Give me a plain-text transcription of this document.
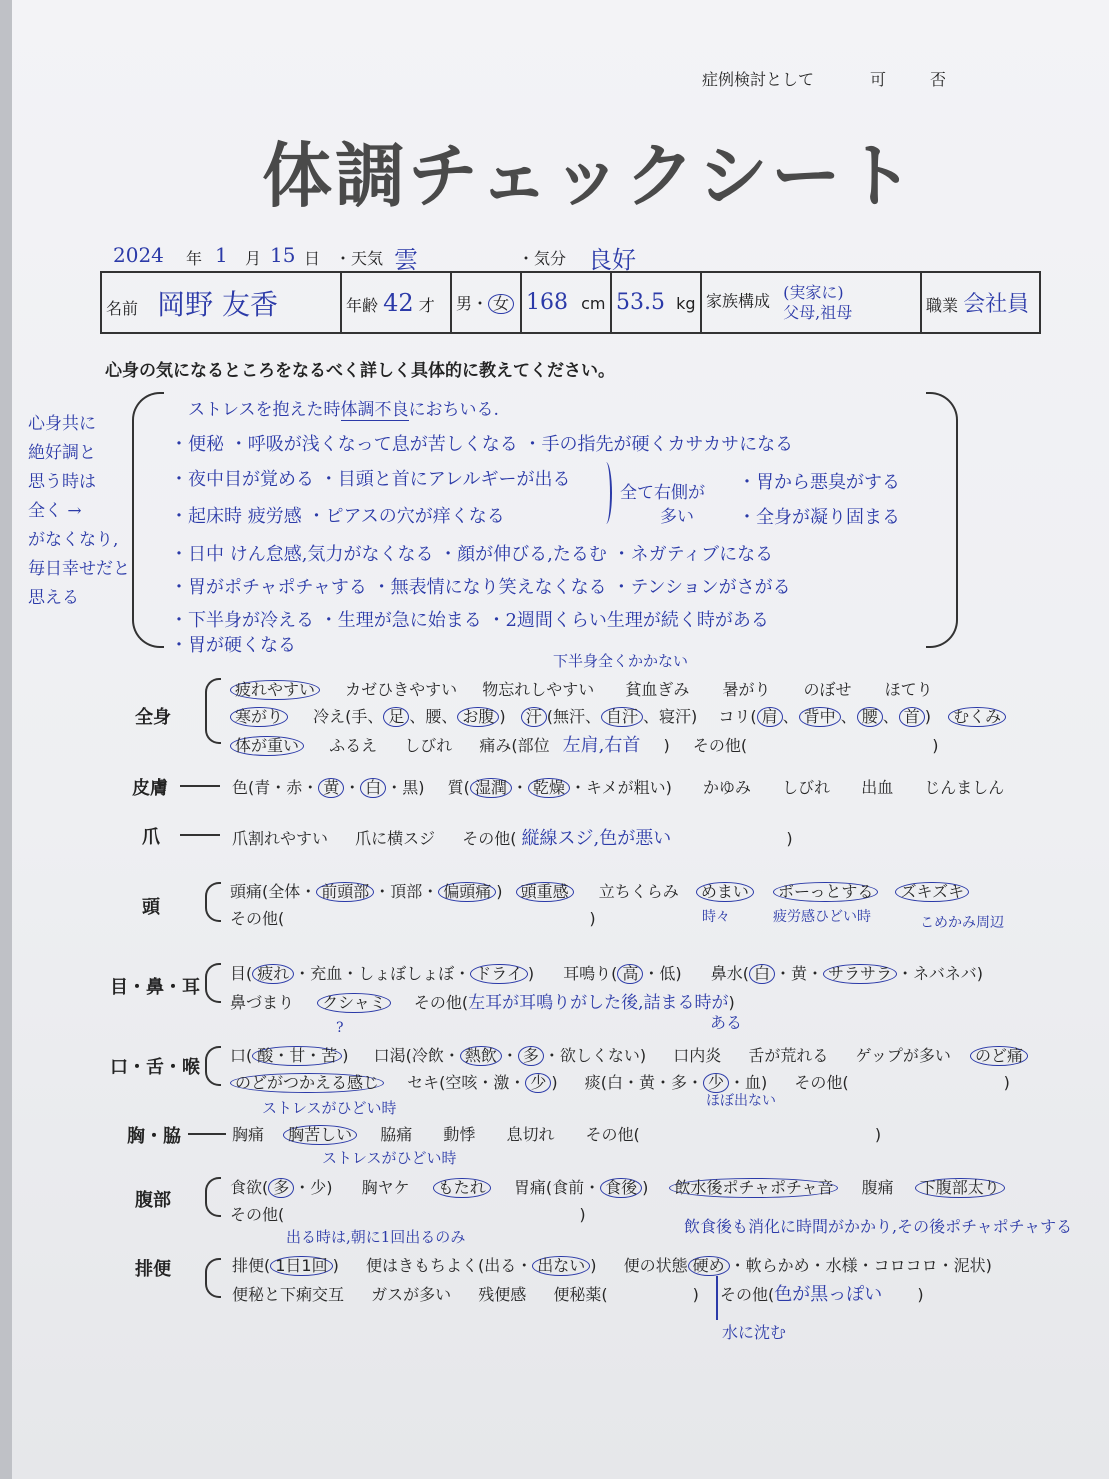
症例検討として	可	否
体調チェックシート
2024 年 1 月 15 日 ・天気 雲	・気分 良好
名前 岡野 友香	年齢 42 才	男・ 女	168 cm	53.5 kg	家族構成 (実家に)
父母,祖母	職業 会社員
心身の気になるところをなるべく詳しく具体的に教えてください。
心身共に
絶好調と
思う時は
全く →
がなくなり,
毎日幸せだと
思える
ストレスを抱えた時体調不良におちいる.
・便秘 ・呼吸が浅くなって息が苦しくなる ・手の指先が硬くカサカサになる
・夜中目が覚める ・目頭と首にアレルギーが出る
・起床時 疲労感 ・ピアスの穴が痒くなる
・日中 けん怠感,気力がなくなる ・顔が伸びる,たるむ ・ネガティブになる
・胃がポチャポチャする ・無表情になり笑えなくなる ・テンションがさがる
・下半身が冷える ・生理が急に始まる ・2週間くらい生理が続く時がある
・胃が硬くなる
全て右側が
多い
・胃から悪臭がする
・全身が凝り固まる
全身
下半身全くかかない
疲れやすい カゼひきやすい 物忘れしやすい 貧血ぎみ 暑がり のぼせ ほてり
寒がり 冷え(手、 足 、腰、 お腹 ) 汗 (無汗、 自汗 、寝汗) コリ( 肩 、 背中 、 腰 、 首 ) むくみ
体が重い ふるえ しびれ 痛み(部位 左肩,右首 ) その他(	)
皮膚	色(青・赤・ 黄 ・ 白 ・黒) 質( 湿潤 ・ 乾燥 ・キメが粗い) かゆみ しびれ 出血 じんましん
爪	爪割れやすい 爪に横スジ その他( 縦線スジ,色が悪い	)
頭
頭痛(全体・ 前頭部 ・頂部・ 偏頭痛 ) 頭重感 立ちくらみ めまい ボーっとする ズキズキ
その他(	)	時々	疲労感ひどい時	こめかみ周辺
目・鼻・耳
目( 疲れ ・充血・しょぼしょぼ・ ドライ ) 耳鳴り( 高 ・低) 鼻水( 白 ・黄・ サラサラ ・ネバネバ)
鼻づまり クシャミ その他(左耳が耳鳴りがした後,詰まる時が)
ある
口・舌・喉
?
口( 酸・甘・苦 ) 口渇(冷飲・ 熱飲 ・ 多 ・欲しくない) 口内炎 舌が荒れる ゲップが多い のど痛
のどがつかえる感じ セキ(空咳・激・ 少 ) 痰(白・黄・多・ 少 ・血) その他(	)
ストレスがひどい時	ほぼ出ない
胸・脇	胸痛 胸苦しい 脇痛 動悸 息切れ その他(	)
ストレスがひどい時
腹部
食欲( 多 ・少) 胸ヤケ もたれ 胃痛(食前・ 食後 ) 飲水後ポチャポチャ音 腹痛 下腹部太り
その他(	)
飲食後も消化に時間がかかり,その後ポチャポチャする
出る時は,朝に1回出るのみ
排便	排便( 1日1回 ) 便はきもちよく(出る・ 出ない ) 便の状態 硬め ・軟らかめ・水様・コロコロ・泥状)
便秘と下痢交互 ガスが多い 残便感 便秘薬(	) その他(色が黒っぽい )
水に沈む
